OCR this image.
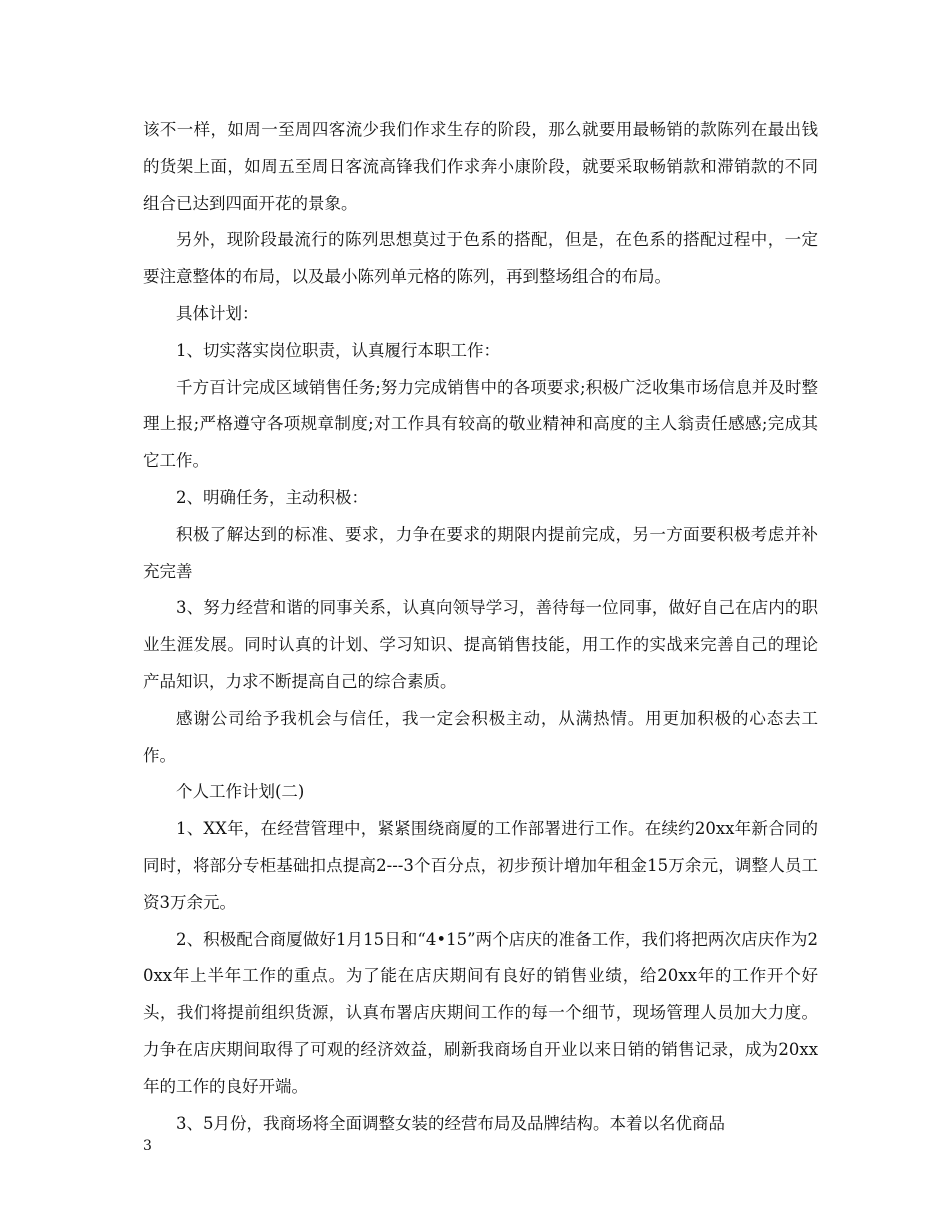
该不一样，如周一至周四客流少我们作求生存的阶段，那么就要用最畅销的款陈列在最出钱的货架上面，如周五至周日客流高锋我们作求奔小康阶段，就要采取畅销款和滞销款的不同组合已达到四面开花的景象。

另外，现阶段最流行的陈列思想莫过于色系的搭配，但是，在色系的搭配过程中，一定要注意整体的布局，以及最小陈列单元格的陈列，再到整场组合的布局。

具体计划：

1、切实落实岗位职责，认真履行本职工作：

千方百计完成区域销售任务;努力完成销售中的各项要求;积极广泛收集市场信息并及时整理上报;严格遵守各项规章制度;对工作具有较高的敬业精神和高度的主人翁责任感感;完成其它工作。

2、明确任务，主动积极：

积极了解达到的标准、要求，力争在要求的期限内提前完成，另一方面要积极考虑并补充完善

3、努力经营和谐的同事关系，认真向领导学习，善待每一位同事，做好自己在店内的职业生涯发展。同时认真的计划、学习知识、提高销售技能，用工作的实战来完善自己的理论产品知识，力求不断提高自己的综合素质。

感谢公司给予我机会与信任，我一定会积极主动，从满热情。用更加积极的心态去工作。

个人工作计划(二)

1、XX年，在经营管理中，紧紧围绕商厦的工作部署进行工作。在续约20xx年新合同的同时，将部分专柜基础扣点提高2---3个百分点，初步预计增加年租金15万余元，调整人员工资3万余元。

2、积极配合商厦做好1月15日和“4•15”两个店庆的准备工作，我们将把两次店庆作为20xx年上半年工作的重点。为了能在店庆期间有良好的销售业绩，给20xx年的工作开个好头，我们将提前组织货源，认真布署店庆期间工作的每一个细节，现场管理人员加大力度。力争在店庆期间取得了可观的经济效益，刷新我商场自开业以来日销的销售记录，成为20xx年的工作的良好开端。

3、5月份，我商场将全面调整女装的经营布局及品牌结构。本着以名优商品

3
